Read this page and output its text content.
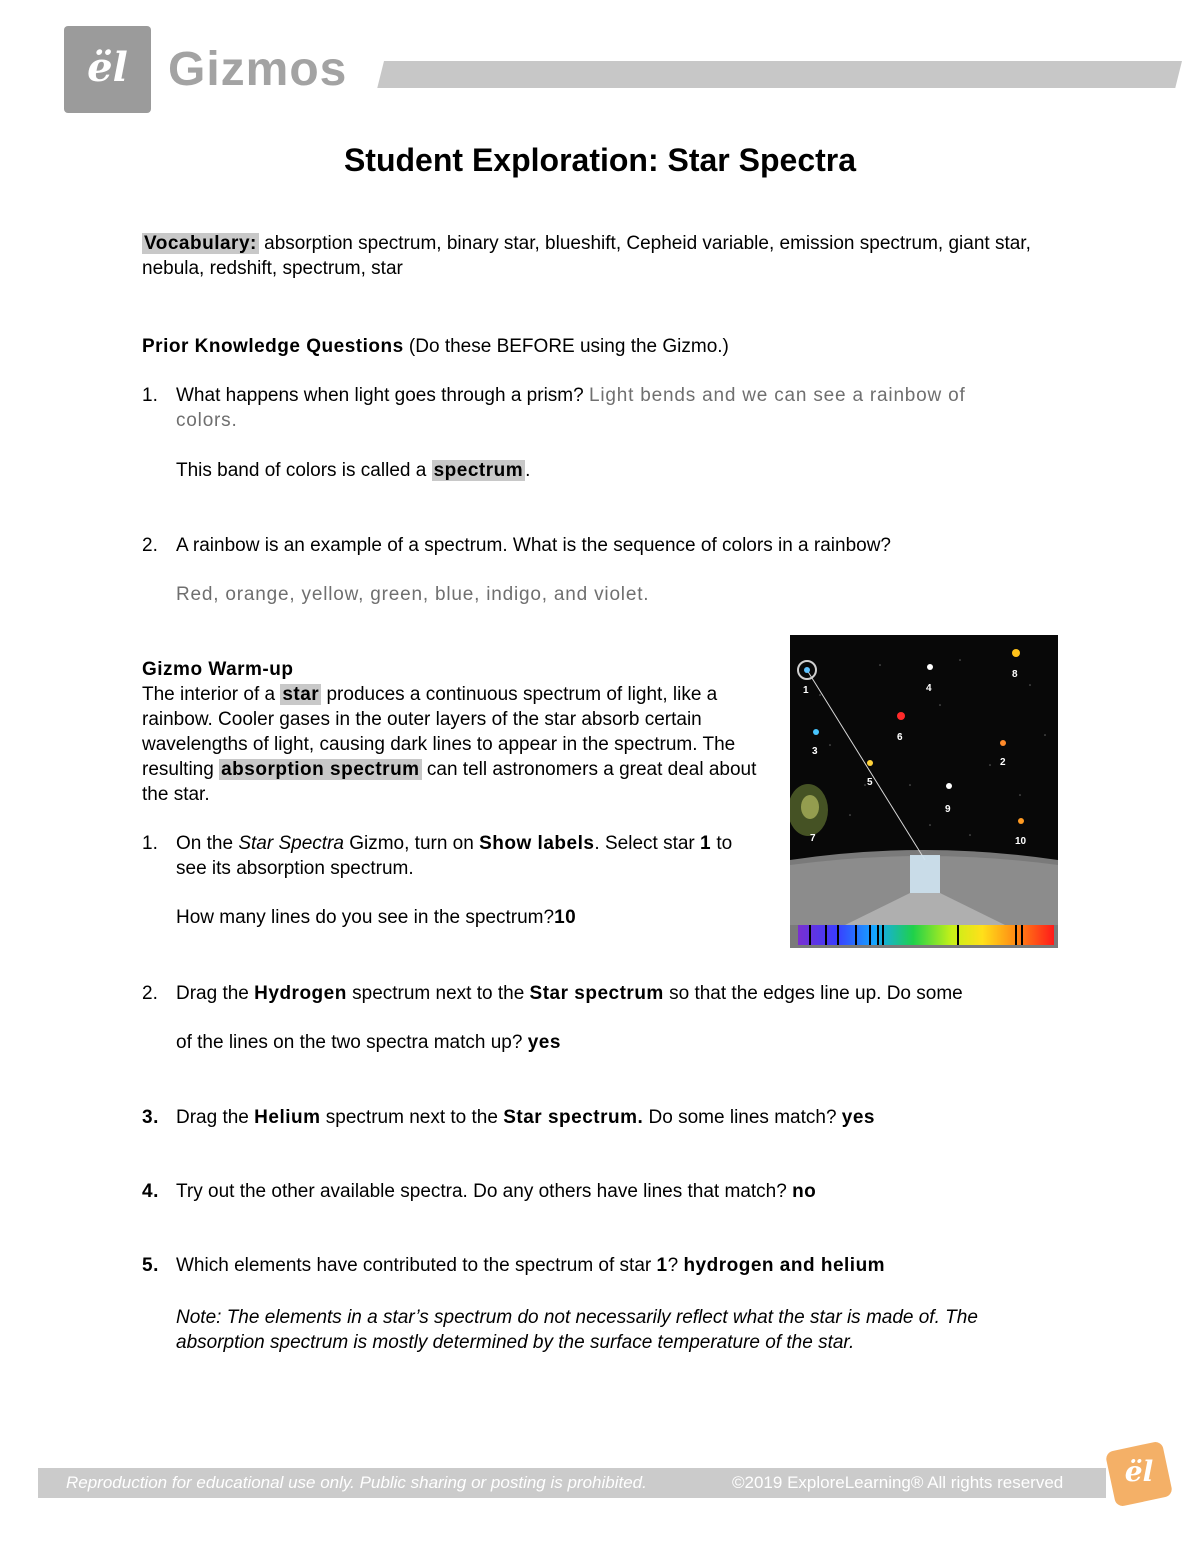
ël Gizmos
Student Exploration: Star Spectra
Vocabulary: absorption spectrum, binary star, blueshift, Cepheid variable, emission spectrum, giant star, nebula, redshift, spectrum, star
Prior Knowledge Questions (Do these BEFORE using the Gizmo.)
1. What happens when light goes through a prism? Light bends and we can see a rainbow of colors.
This band of colors is called a spectrum .
2. A rainbow is an example of a spectrum. What is the sequence of colors in a rainbow?
Red, orange, yellow, green, blue, indigo, and violet.
Gizmo Warm-up
The interior of a star produces a continuous spectrum of light, like a rainbow. Cooler gases in the outer layers of the star absorb certain wavelengths of light, causing dark lines to appear in the spectrum. The resulting absorption spectrum can tell astronomers a great deal about the star.
1. On the Star Spectra Gizmo, turn on Show labels. Select star 1 to see its absorption spectrum.
How many lines do you see in the spectrum?10
1
2
3
4
5
6
7
8
9
10
2. Drag the Hydrogen spectrum next to the Star spectrum so that the edges line up. Do some
of the lines on the two spectra match up? yes
3. Drag the Helium spectrum next to the Star spectrum. Do some lines match? yes
4. Try out the other available spectra. Do any others have lines that match? no
5. Which elements have contributed to the spectrum of star 1? hydrogen and helium
Note: The elements in a star’s spectrum do not necessarily reflect what the star is made of. The absorption spectrum is mostly determined by the surface temperature of the star.
Reproduction for educational use only. Public sharing or posting is prohibited.	©2019 ExploreLearning® All rights reserved	ël
